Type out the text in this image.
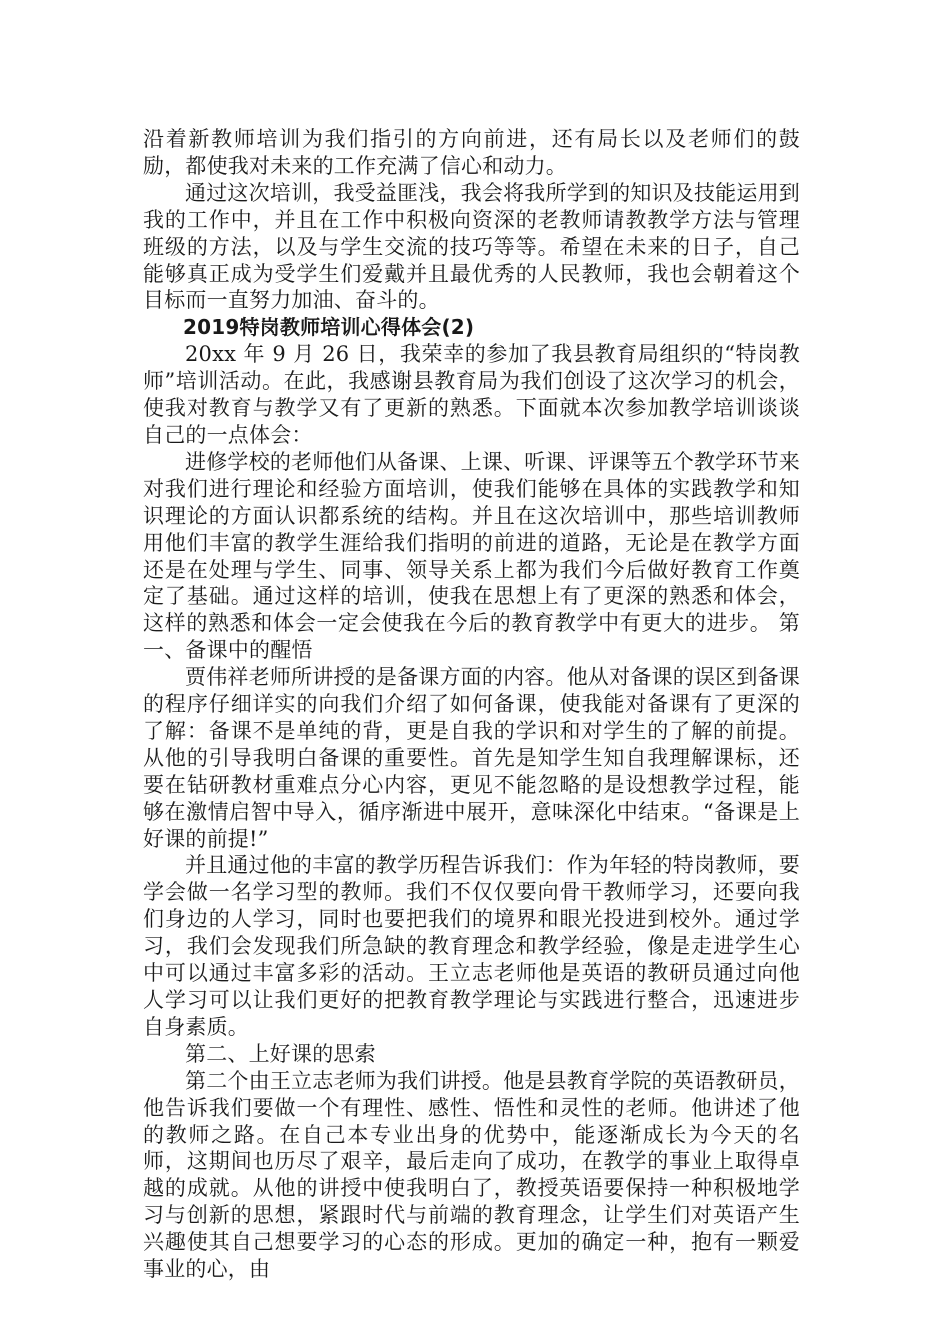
沿着新教师培训为我们指引的方向前进，还有局长以及老师们的鼓励，都使我对未来的工作充满了信心和动力。

通过这次培训，我受益匪浅，我会将我所学到的知识及技能运用到我的工作中，并且在工作中积极向资深的老教师请教教学方法与管理班级的方法，以及与学生交流的技巧等等。希望在未来的日子，自己能够真正成为受学生们爱戴并且最优秀的人民教师，我也会朝着这个目标而一直努力加油、奋斗的。

2019特岗教师培训心得体会(2)

20xx 年 9 月 26 日，我荣幸的参加了我县教育局组织的“特岗教师”培训活动。在此，我感谢县教育局为我们创设了这次学习的机会，使我对教育与教学又有了更新的熟悉。下面就本次参加教学培训谈谈自己的一点体会：

进修学校的老师他们从备课、上课、听课、评课等五个教学环节来对我们进行理论和经验方面培训，使我们能够在具体的实践教学和知识理论的方面认识都系统的结构。并且在这次培训中，那些培训教师用他们丰富的教学生涯给我们指明的前进的道路，无论是在教学方面还是在处理与学生、同事、领导关系上都为我们今后做好教育工作奠定了基础。通过这样的培训，使我在思想上有了更深的熟悉和体会，这样的熟悉和体会一定会使我在今后的教育教学中有更大的进步。 第一、备课中的醒悟

贾伟祥老师所讲授的是备课方面的内容。他从对备课的误区到备课的程序仔细详实的向我们介绍了如何备课，使我能对备课有了更深的了解：备课不是单纯的背，更是自我的学识和对学生的了解的前提。从他的引导我明白备课的重要性。首先是知学生知自我理解课标，还要在钻研教材重难点分心内容，更见不能忽略的是设想教学过程，能够在激情启智中导入，循序渐进中展开，意味深化中结束。“备课是上好课的前提!”

并且通过他的丰富的教学历程告诉我们：作为年轻的特岗教师，要学会做一名学习型的教师。我们不仅仅要向骨干教师学习，还要向我们身边的人学习，同时也要把我们的境界和眼光投进到校外。通过学习，我们会发现我们所急缺的教育理念和教学经验，像是走进学生心中可以通过丰富多彩的活动。王立志老师他是英语的教研员通过向他人学习可以让我们更好的把教育教学理论与实践进行整合，迅速进步自身素质。

第二、上好课的思索

第二个由王立志老师为我们讲授。他是县教育学院的英语教研员，他告诉我们要做一个有理性、感性、悟性和灵性的老师。他讲述了他的教师之路。在自己本专业出身的优势中，能逐渐成长为今天的名师，这期间也历尽了艰辛，最后走向了成功，在教学的事业上取得卓越的成就。从他的讲授中使我明白了，教授英语要保持一种积极地学习与创新的思想，紧跟时代与前端的教育理念，让学生们对英语产生兴趣使其自己想要学习的心态的形成。更加的确定一种，抱有一颗爱事业的心，由
